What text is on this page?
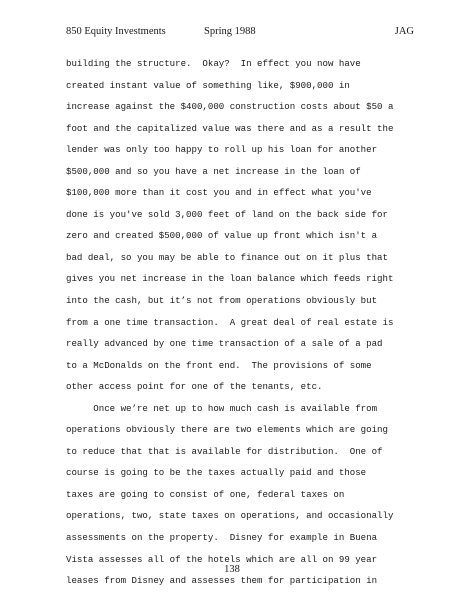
850 Equity Investments	Spring 1988	JAG
building the structure.  Okay?  In effect you now have
created instant value of something like, $900,000 in
increase against the $400,000 construction costs about $50 a
foot and the capitalized value was there and as a result the
lender was only too happy to roll up his loan for another
$500,000 and so you have a net increase in the loan of
$100,000 more than it cost you and in effect what you've
done is you've sold 3,000 feet of land on the back side for
zero and created $500,000 of value up front which isn't a
bad deal, so you may be able to finance out on it plus that
gives you net increase in the loan balance which feeds right
into the cash, but it’s not from operations obviously but
from a one time transaction.  A great deal of real estate is
really advanced by one time transaction of a sale of a pad
to a McDonalds on the front end.  The provisions of some
other access point for one of the tenants, etc.
Once we’re net up to how much cash is available from
operations obviously there are two elements which are going
to reduce that that is available for distribution.  One of
course is going to be the taxes actually paid and those
taxes are going to consist of one, federal taxes on
operations, two, state taxes on operations, and occasionally
assessments on the property.  Disney for example in Buena
Vista assesses all of the hotels which are all on 99 year
leases from Disney and assesses them for participation in
138
